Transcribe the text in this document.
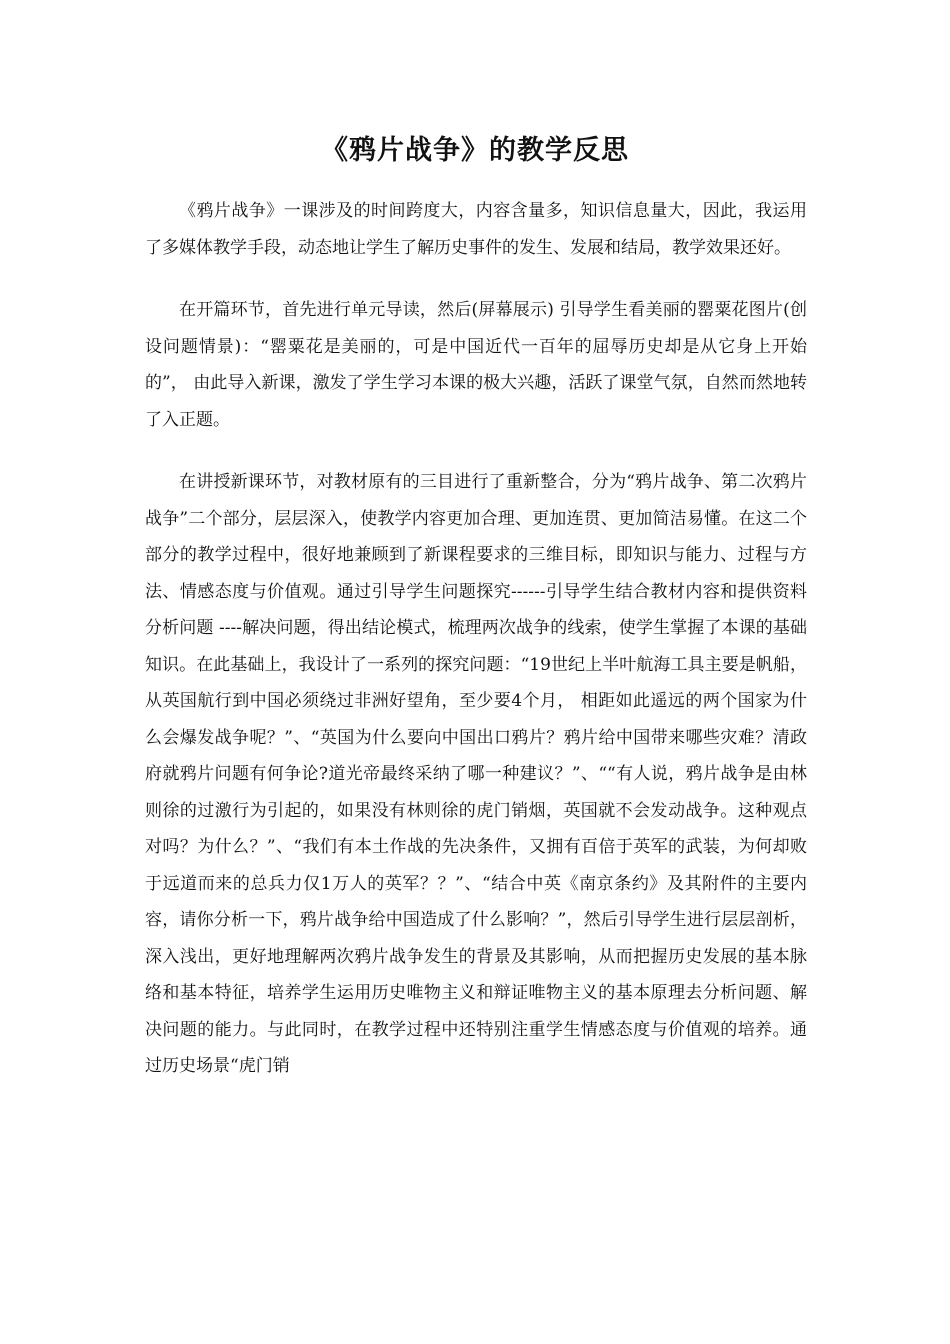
《鸦片战争》的教学反思

《鸦片战争》一课涉及的时间跨度大，内容含量多，知识信息量大，因此，我运用了多媒体教学手段，动态地让学生了解历史事件的发生、发展和结局，教学效果还好。

在开篇环节，首先进行单元导读，然后(屏幕展示) 引导学生看美丽的罂粟花图片(创设问题情景)：“罂粟花是美丽的，可是中国近代一百年的屈辱历史却是从它身上开始的”， 由此导入新课，激发了学生学习本课的极大兴趣，活跃了课堂气氛，自然而然地转了入正题。

在讲授新课环节，对教材原有的三目进行了重新整合，分为“鸦片战争、第二次鸦片战争”二个部分，层层深入，使教学内容更加合理、更加连贯、更加简洁易懂。在这二个部分的教学过程中，很好地兼顾到了新课程要求的三维目标，即知识与能力、过程与方法、情感态度与价值观。通过引导学生问题探究------引导学生结合教材内容和提供资料分析问题 ----解决问题，得出结论模式，梳理两次战争的线索，使学生掌握了本课的基础知识。在此基础上，我设计了一系列的探究问题：“19世纪上半叶航海工具主要是帆船，从英国航行到中国必须绕过非洲好望角，至少要4个月， 相距如此遥远的两个国家为什么会爆发战争呢？”、“英国为什么要向中国出口鸦片？鸦片给中国带来哪些灾难？清政府就鸦片问题有何争论?道光帝最终采纳了哪一种建议？”、““有人说，鸦片战争是由林则徐的过激行为引起的，如果没有林则徐的虎门销烟，英国就不会发动战争。这种观点对吗？为什么？”、“我们有本土作战的先决条件，又拥有百倍于英军的武装，为何却败于远道而来的总兵力仅1万人的英军？？”、“结合中英《南京条约》及其附件的主要内容，请你分析一下，鸦片战争给中国造成了什么影响？”，然后引导学生进行层层剖析，深入浅出，更好地理解两次鸦片战争发生的背景及其影响，从而把握历史发展的基本脉络和基本特征，培养学生运用历史唯物主义和辩证唯物主义的基本原理去分析问题、解决问题的能力。与此同时，在教学过程中还特别注重学生情感态度与价值观的培养。通过历史场景“虎门销
